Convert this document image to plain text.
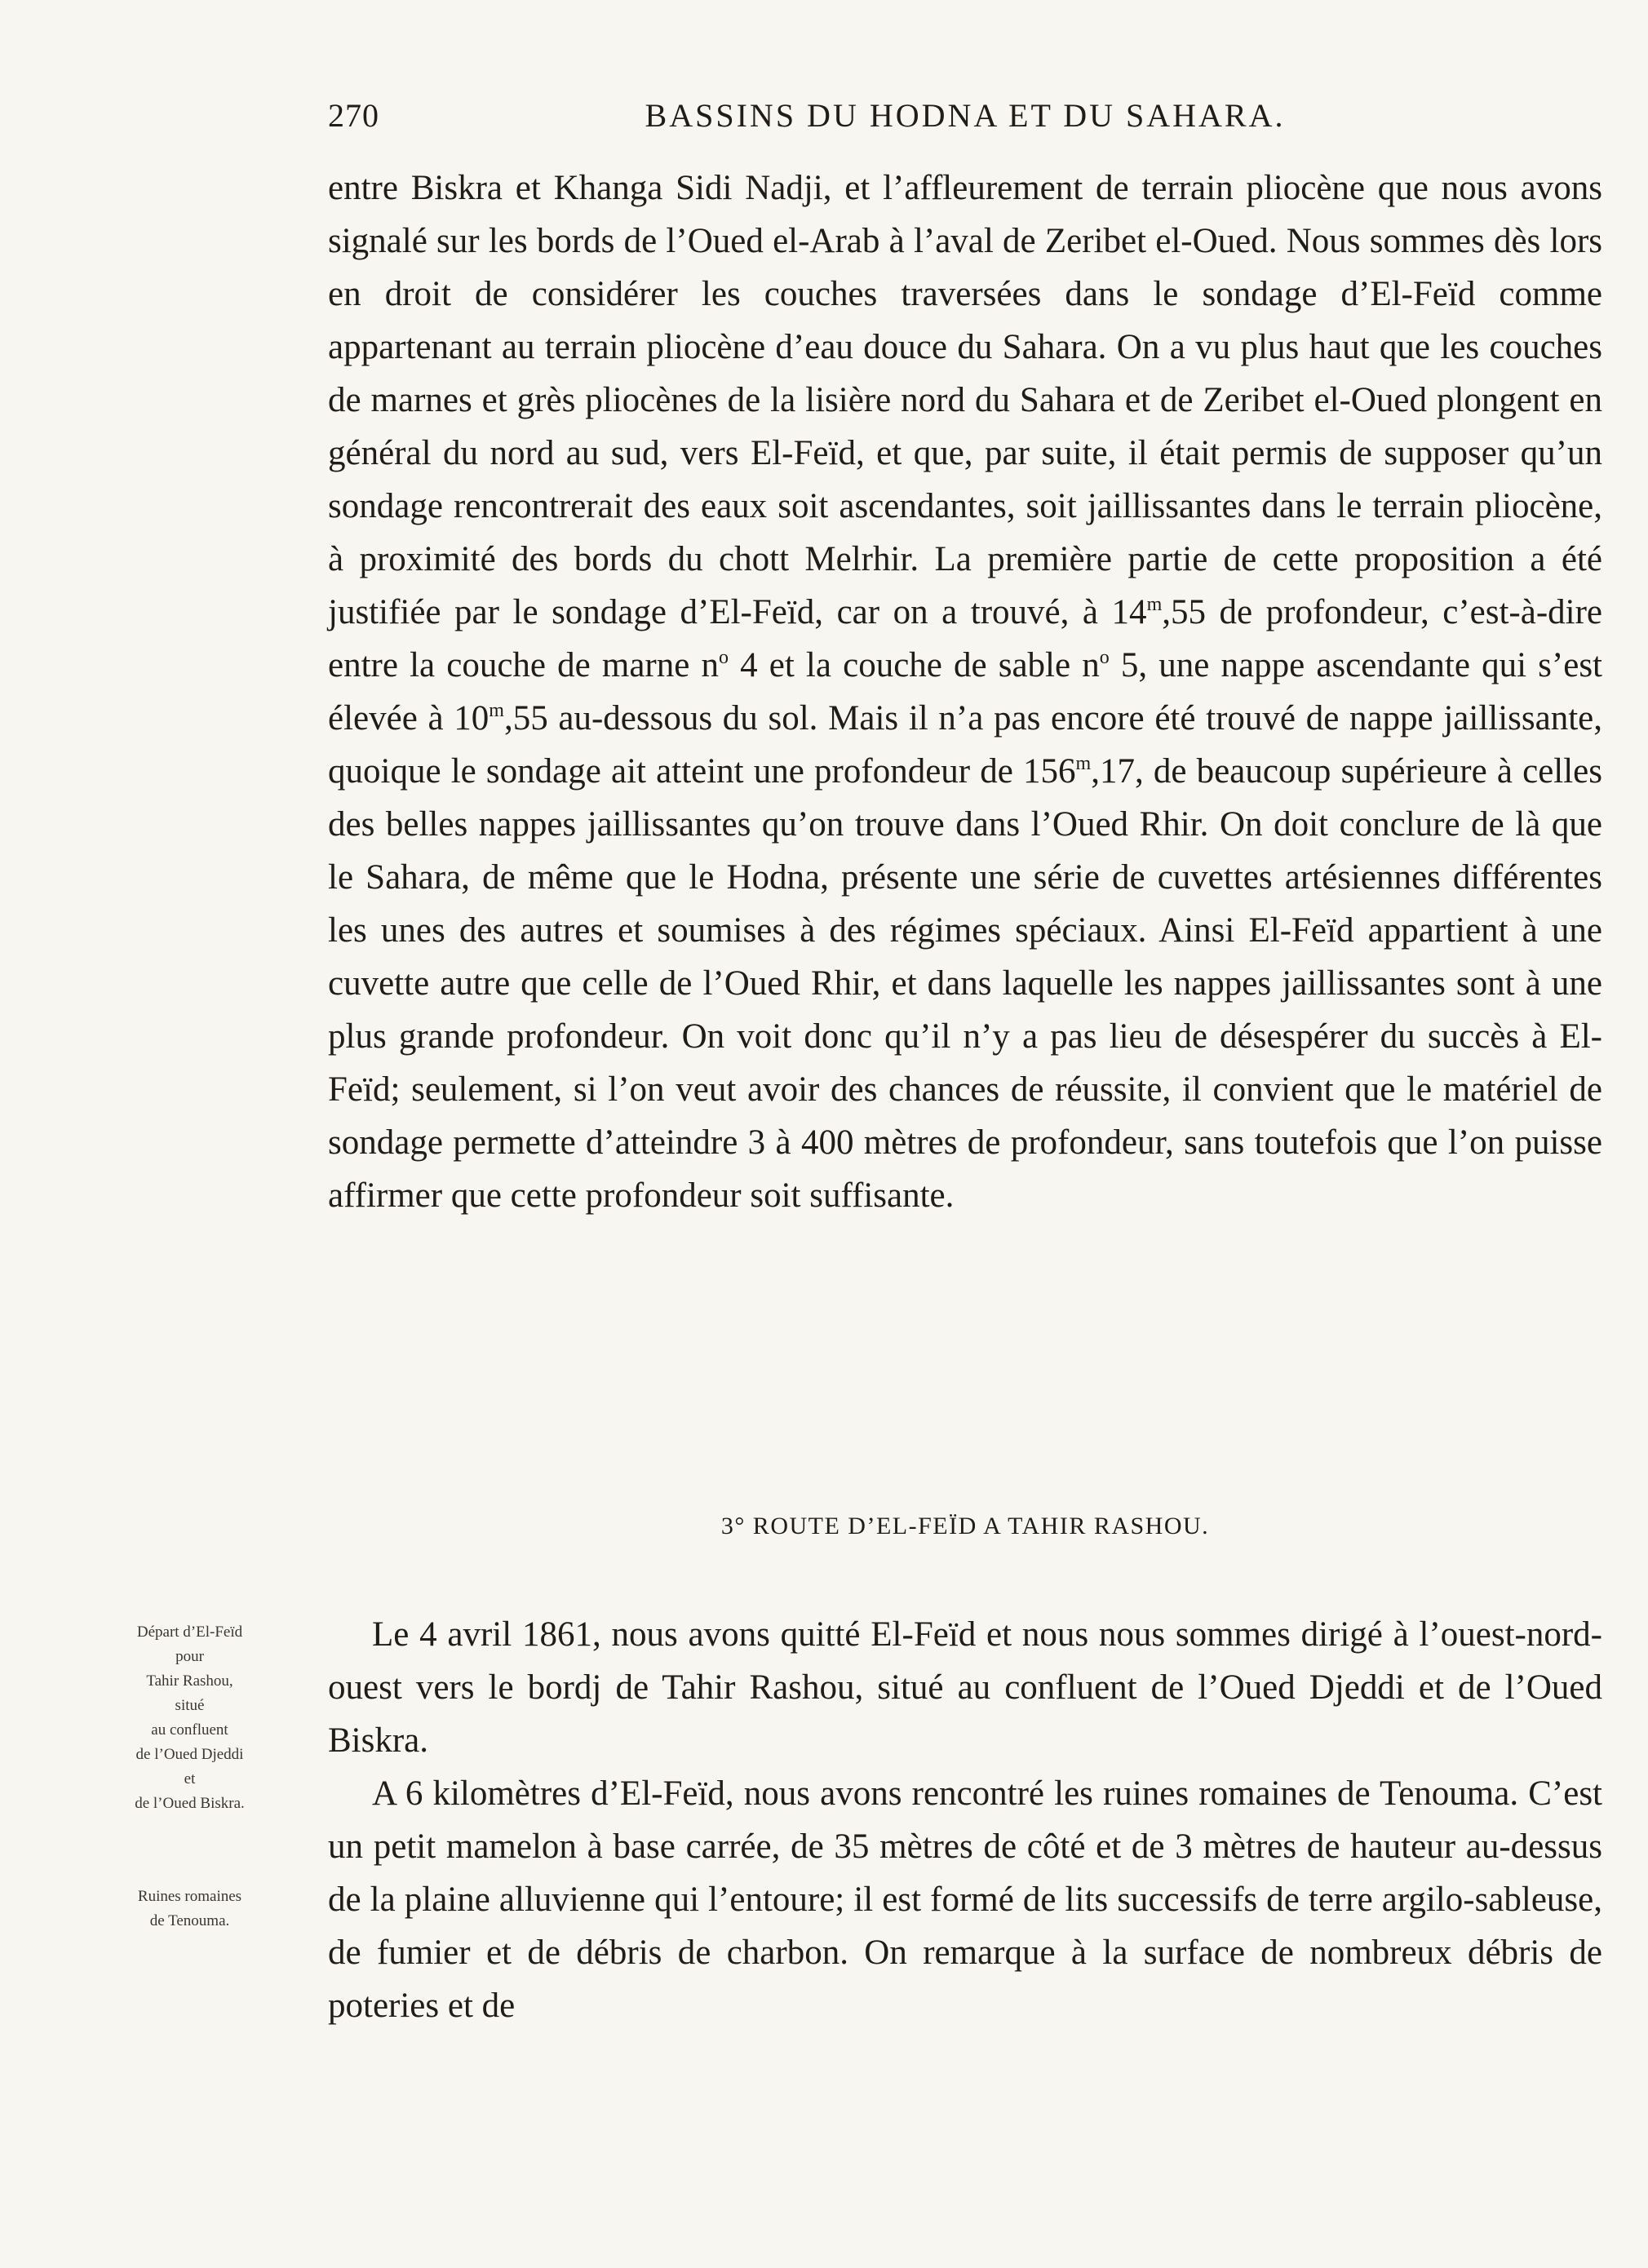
270	BASSINS DU HODNA ET DU SAHARA.

entre Biskra et Khanga Sidi Nadji, et l’affleurement de terrain pliocène que nous avons signalé sur les bords de l’Oued el-Arab à l’aval de Zeribet el-Oued. Nous sommes dès lors en droit de considérer les couches traversées dans le sondage d’El-Feïd comme appartenant au terrain pliocène d’eau douce du Sahara. On a vu plus haut que les couches de marnes et grès pliocènes de la lisière nord du Sahara et de Zeribet el-Oued plongent en général du nord au sud, vers El-Feïd, et que, par suite, il était permis de supposer qu’un sondage rencontrerait des eaux soit ascendantes, soit jaillissantes dans le terrain pliocène, à proximité des bords du chott Melrhir. La première partie de cette proposition a été justifiée par le sondage d’El-Feïd, car on a trouvé, à 14$^m$,55 de profondeur, c’est-à-dire entre la couche de marne $n^o$ 4 et la couche de sable $n^o$ 5, une nappe ascendante qui s’est élevée à 10$^m$,55 au-dessous du sol. Mais il n’a pas encore été trouvé de nappe jaillissante, quoique le sondage ait atteint une profondeur de 156$^m$,17, de beaucoup supérieure à celles des belles nappes jaillissantes qu’on trouve dans l’Oued Rhir. On doit conclure de là que le Sahara, de même que le Hodna, présente une série de cuvettes artésiennes différentes les unes des autres et soumises à des régimes spéciaux. Ainsi El-Feïd appartient à une cuvette autre que celle de l’Oued Rhir, et dans laquelle les nappes jaillissantes sont à une plus grande profondeur. On voit donc qu’il n’y a pas lieu de désespérer du succès à El-Feïd; seulement, si l’on veut avoir des chances de réussite, il convient que le matériel de sondage permette d’atteindre 3 à 400 mètres de profondeur, sans toutefois que l’on puisse affirmer que cette profondeur soit suffisante.

3° ROUTE D’EL-FEÏD A TAHIR RASHOU.

Le 4 avril 1861, nous avons quitté El-Feïd et nous nous sommes dirigé à l’ouest-nord-ouest vers le bordj de Tahir Rashou, situé au confluent de l’Oued Djeddi et de l’Oued Biskra.

A 6 kilomètres d’El-Feïd, nous avons rencontré les ruines romaines de Tenouma. C’est un petit mamelon à base carrée, de 35 mètres de côté et de 3 mètres de hauteur au-dessus de la plaine alluvienne qui l’entoure; il est formé de lits successifs de terre argilo-sableuse, de fumier et de débris de charbon. On remarque à la surface de nombreux débris de poteries et de

Départ d’El-Feïd
pour
Tahir Rashou,
situé
au confluent
de l’Oued Djeddi
et
de l’Oued Biskra.
Ruines romaines
de Tenouma.
